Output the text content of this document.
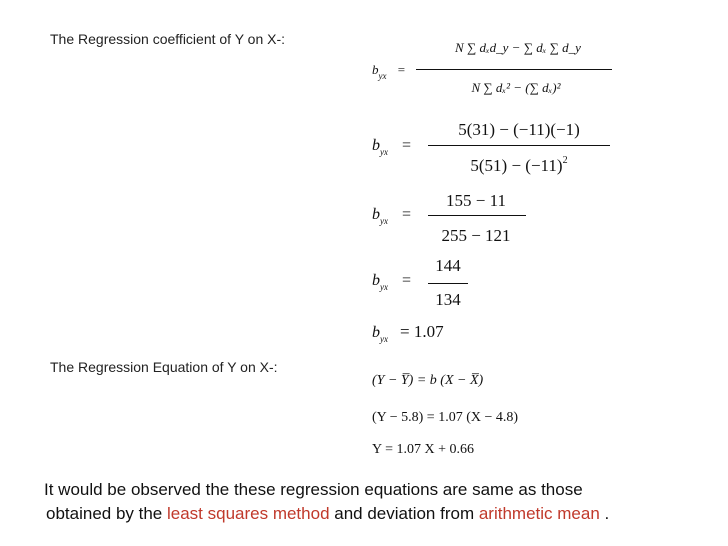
The Regression coefficient of Y on X-:
The Regression Equation of Y on X-:
$b_{yx}$ =
N ∑ dₓd_y − ∑ dₓ ∑ d_y
N ∑ dₓ² − (∑ dₓ)²
$b_{yx}$ =
5(31) − (−11)(−1)
$5(51) - (-11)^2$
$b_{yx}$ =
155 − 11
255 − 121
$b_{yx}$ =
144
134
$b_{yx} = 1.07$
(Y − Y̅) = b (X − X̅)
(Y − 5.8) = 1.07 (X − 4.8)
Y = 1.07 X + 0.66
It would be observed the these regression equations are same as those
obtained by the least squares method and deviation from arithmetic mean .
